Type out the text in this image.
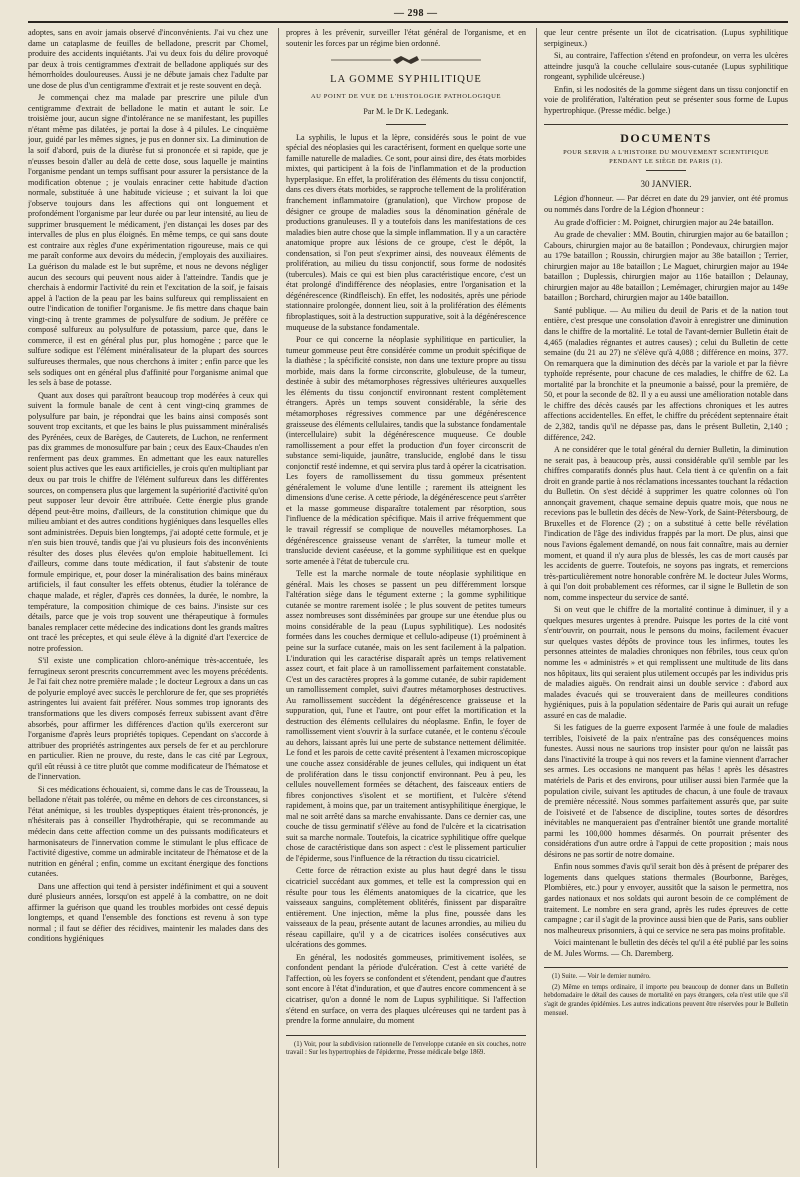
— 298 —

adoptes, sans en avoir jamais observé d'inconvénients. J'ai vu chez une dame un cataplasme de feuilles de belladone, prescrit par Chomel, produire des accidents inquiétants. J'ai vu deux fois du délire provoqué par deux à trois centigrammes d'extrait de belladone appliqués sur des hémorrhoïdes douloureuses. Aussi je ne débute jamais chez l'adulte par une dose de plus d'un centigramme d'extrait et je reste souvent en deçà.

Je commençai chez ma malade par prescrire une pilule d'un centigramme d'extrait de belladone le matin et autant le soir. Le troisième jour, aucun signe d'intolérance ne se manifestant, les pupilles n'étant même pas dilatées, je portai la dose à 4 pilules. Le cinquième jour, guidé par les mêmes signes, je pus en donner six. La diminution de la soif d'abord, puis de la diurèse fut si prononcée et si rapide, que je n'eusses besoin d'aller au delà de cette dose, sous laquelle je maintins l'organisme pendant un temps suffisant pour assurer la persistance de la modification obtenue ; je voulais enraciner cette habitude d'action normale, substituée à une habitude vicieuse ; et suivant la loi que j'observe toujours dans les affections qui ont longuement et profondément l'organisme par leur durée ou par leur intensité, au lieu de supprimer brusquement le médicament, j'en distançai les doses par des intervalles de plus en plus éloignés. En même temps, ce qui sans doute est contraire aux règles d'une expérimentation rigoureuse, mais ce qui me paraît conforme aux devoirs du médecin, j'employais des auxiliaires. La guérison du malade est le but suprême, et nous ne devons négliger aucun des secours qui peuvent nous aider à l'atteindre. Tandis que je cherchais à endormir l'activité du rein et l'excitation de la soif, je faisais appel à l'action de la peau par les bains sulfureux qui remplissaient en outre l'indication de tonifier l'organisme. Je fis mettre dans chaque bain vingt-cinq à trente grammes de polysulfure de sodium. Je préfère ce composé sulfureux au polysulfure de potassium, parce que, dans le commerce, il est en général plus pur, plus homogène ; parce que le sulfure sodique est l'élément minéralisateur de la plupart des sources sulfureuses thermales, que nous cherchons à imiter ; enfin parce que les sels sodiques ont en général plus d'affinité pour l'organisme animal que les sels à base de potasse.

Quant aux doses qui paraîtront beaucoup trop modérées à ceux qui suivent la formule banale de cent à cent vingt-cinq grammes de polysulfure par bain, je répondrai que les bains ainsi composés sont souvent trop excitants, et que les bains le plus puissamment minéralisés des Pyrénées, ceux de Barèges, de Cauterets, de Luchon, ne renferment pas dix grammes de monosulfure par bain ; ceux des Eaux-Chaudes n'en renferment pas deux grammes. En admettant que les eaux naturelles soient plus actives que les eaux artificielles, je crois qu'en multipliant par deux ou par trois le chiffre de l'élément sulfureux dans les différentes sources, on compensera plus que largement la supériorité d'activité qu'on peut supposer leur devoir être attribuée. Cette énergie plus grande dépend peut-être moins, d'ailleurs, de la constitution chimique que du milieu ambiant et des autres conditions hygiéniques dans lesquelles elles sont administrées. Depuis bien longtemps, j'ai adopté cette formule, et je n'en suis bien trouvé, tandis que j'ai vu plusieurs fois des inconvénients résulter des doses plus élevées qu'on emploie habituellement. Ici d'ailleurs, comme dans toute médication, il faut s'abstenir de toute formule empirique, et, pour doser la minéralisation des bains minéraux artificiels, il faut consulter les effets obtenus, étudier la tolérance de chaque malade, et régler, d'après ces données, la durée, le nombre, la température, la composition chimique de ces bains. J'insiste sur ces détails, parce que je vois trop souvent une thérapeutique à formules banales remplacer cette médecine des indications dont les grands maîtres ont tracé les préceptes, et qui seule élève à la dignité d'art l'exercice de notre profession.

S'il existe une complication chloro-anémique très-accentuée, les ferrugineux seront prescrits concurremment avec les moyens précédents. Je l'ai fait chez notre première malade ; le docteur Legroux a dans un cas de polyurie employé avec succès le perchlorure de fer, que ses propriétés astringentes lui avaient fait préférer. Nous sommes trop ignorants des transformations que les divers composés ferreux subissent avant d'être absorbés, pour affirmer les différences d'action qu'ils exerceront sur l'organisme d'après leurs propriétés topiques. Cependant on s'accorde à attribuer des propriétés astringentes aux persels de fer et au perchlorure en particulier. Rien ne prouve, du reste, dans le cas cité par Legroux, qu'il eût réussi à ce titre plutôt que comme modificateur de l'hématose et de l'innervation.

Si ces médications échouaient, si, comme dans le cas de Trousseau, la belladone n'était pas tolérée, ou même en dehors de ces circonstances, si l'état anémique, si les troubles dyspeptiques étaient très-prononcés, je n'hésiterais pas à conseiller l'hydrothérapie, qui se recommande au médecin dans cette affection comme un des puissants modificateurs et harmonisateurs de l'innervation comme le stimulant le plus efficace de l'activité digestive, comme un admirable incitateur de l'hématose et de la nutrition en général ; enfin, comme un excitant énergique des fonctions cutanées.

Dans une affection qui tend à persister indéfiniment et qui a souvent duré plusieurs années, lorsqu'on est appelé à la combattre, on ne doit affirmer la guérison que quand les troubles morbides ont cessé depuis longtemps, et quand l'ensemble des fonctions est revenu à son type normal ; il faut se défier des récidives, maintenir les malades dans des conditions hygiéniques

propres à les prévenir, surveiller l'état général de l'organisme, et en soutenir les forces par un régime bien ordonné.

LA GOMME SYPHILITIQUE
AU POINT DE VUE DE L'HISTOLOGIE PATHOLOGIQUE
Par M. le Dr K. Ledegank.

La syphilis, le lupus et la lèpre, considérés sous le point de vue spécial des néoplasies qui les caractérisent, forment en quelque sorte une famille naturelle de maladies. Ce sont, pour ainsi dire, des états morbides mixtes, qui participent à la fois de l'inflammation et de la production hyperplasique. En effet, la prolifération des éléments du tissu conjonctif, dans ces divers états morbides, se rapproche tellement de la prolifération franchement inflammatoire (granulation), que Virchow propose de désigner ce groupe de maladies sous la dénomination générale de productions granuleuses. Il y a toutefois dans les manifestations de ces maladies bien autre chose que la simple inflammation. Il y a un caractère anatomique propre aux lésions de ce groupe, c'est le dépôt, la condensation, si l'on peut s'exprimer ainsi, des nouveaux éléments de prolifération, au milieu du tissu conjonctif, sous forme de nodosités (tubercules). Mais ce qui est bien plus caractéristique encore, c'est un état prolongé d'indifférence des néoplasies, entre l'organisation et la dégénérescence (Rindfleisch). En effet, les nodosités, après une période stationnaire prolongée, donnent lieu, soit à la prolifération des éléments fibroplastiques, soit à la destruction suppurative, soit à la dégénérescence muqueuse de la substance fondamentale.

Pour ce qui concerne la néoplasie syphilitique en particulier, la tumeur gommeuse peut être considérée comme un produit spécifique de la diathèse ; la spécificité consiste, non dans une texture propre au tissu morbide, mais dans la forme circonscrite, globuleuse, de la tumeur, destinée à subir des métamorphoses régressives ultérieures auxquelles les éléments du tissu conjonctif environnant restent complètement étrangers. Après un temps souvent considérable, la série des métamorphoses régressives commence par une dégénérescence graisseuse des éléments cellulaires, tandis que la substance fondamentale (intercellulaire) subit la dégénérescence muqueuse. Ce double ramollissement a pour effet la production d'un foyer circonscrit de substance semi-liquide, jaunâtre, translucide, englobé dans le tissu conjonctif resté indemne, et qui servira plus tard à opérer la cicatrisation. Les foyers de ramollissement du tissu gommeux présentent généralement le volume d'une lentille ; rarement ils atteignent les dimensions d'une cerise. A cette période, la dégénérescence peut s'arrêter et la masse gommeuse disparaître totalement par résorption, sous l'influence de la médication spécifique. Mais il arrive fréquemment que le travail régressif se complique de nouvelles métamorphoses. La dégénérescence graisseuse venant de s'arrêter, la tumeur molle et translucide devient caséeuse, et la gomme syphilitique est en quelque sorte amenée à l'état de tubercule cru.

Telle est la marche normale de toute néoplasie syphilitique en général. Mais les choses se passent un peu différemment lorsque l'altération siège dans le tégument externe ; la gomme syphilitique cutanée se montre rarement isolée ; le plus souvent de petites tumeurs assez nombreuses sont disséminées par groupe sur une étendue plus ou moins considérable de la peau (Lupus syphilitique). Les nodosités formées dans les couches dermique et cellulo-adipeuse (1) proéminent à peine sur la surface cutanée, mais on les sent facilement à la palpation. L'induration qui les caractérise disparaît après un temps relativement assez court, et fait place à un ramollissement parfaitement constatable. C'est un des caractères propres à la gomme cutanée, de subir rapidement un ramollissement complet, suivi d'autres métamorphoses destructives. Au ramollissement succèdent la dégénérescence graisseuse et la suppuration, qui, l'une et l'autre, ont pour effet la mortification et la destruction des éléments cellulaires du néoplasme. Enfin, le foyer de ramollissement vient s'ouvrir à la surface cutanée, et le contenu s'écoule au dehors, laissant après lui une perte de substance nettement délimitée. Le fond et les parois de cette cavité présentent à l'examen microscopique une couche assez considérable de jeunes cellules, qui indiquent un état de prolifération dans le tissu conjonctif environnant. Peu à peu, les cellules nouvellement formées se détachent, des faisceaux entiers de fibres conjonctives s'isolent et se mortifient, et l'ulcère s'étend rapidement, à moins que, par un traitement antisyphilitique énergique, le mal ne soit arrêté dans sa marche envahissante. Dans ce dernier cas, une couche de tissu germinatif s'élève au fond de l'ulcère et la cicatrisation suit sa marche normale. Toutefois, la cicatrice syphilitique offre quelque chose de caractéristique dans son aspect : c'est le plissement particulier de l'épiderme, sous l'influence de la rétraction du tissu cicatriciel.

Cette force de rétraction existe au plus haut degré dans le tissu cicatriciel succédant aux gommes, et telle est la compression qui en résulte pour tous les éléments anatomiques de la cicatrice, que les vaisseaux sanguins, complètement oblitérés, finissent par disparaître entièrement. Une injection, même la plus fine, poussée dans les vaisseaux de la peau, présente autant de lacunes arrondies, au milieu du réseau capillaire, qu'il y a de cicatrices isolées consécutives aux ulcérations des gommes.

En général, les nodosités gommeuses, primitivement isolées, se confondent pendant la période d'ulcération. C'est à cette variété de l'affection, où les foyers se confondent et s'étendent, pendant que d'autres sont encore à l'état d'induration, et que d'autres encore commencent à se cicatriser, qu'on a donné le nom de Lupus syphilitique. Si l'affection s'étend en surface, on verra des plaques ulcéreuses qui ne tardent pas à prendre la forme annulaire, du moment

(1) Voir, pour la subdivision rationnelle de l'enveloppe cutanée en six couches, notre travail : Sur les hypertrophies de l'épiderme, Presse médicale belge 1869.

que leur centre présente un îlot de cicatrisation. (Lupus syphilitique serpigineux.)

Si, au contraire, l'affection s'étend en profondeur, on verra les ulcères atteindre jusqu'à la couche cellulaire sous-cutanée (Lupus syphilitique rongeant, syphilide ulcéreuse.)

Enfin, si les nodosités de la gomme siègent dans un tissu conjonctif en voie de prolifération, l'altération peut se présenter sous forme de Lupus hypertrophique. (Presse médic. belge.)

DOCUMENTS
POUR SERVIR A L'HISTOIRE DU MOUVEMENT SCIENTIFIQUE
PENDANT LE SIÈGE DE PARIS (1).
30 JANVIER.

Légion d'honneur. — Par décret en date du 29 janvier, ont été promus ou nommés dans l'ordre de la Légion d'honneur :

Au grade d'officier : M. Poignet, chirurgien major au 24e bataillon.

Au grade de chevalier : MM. Boutin, chirurgien major au 6e bataillon ; Cabours, chirurgien major au 8e bataillon ; Pondevaux, chirurgien major au 179e bataillon ; Roussin, chirurgien major au 38e bataillon ; Terrier, chirurgien major au 18e bataillon ; Le Maguet, chirurgien major au 194e bataillon ; Duplessis, chirurgien major au 116e bataillon ; Delaunay, chirurgien major au 48e bataillon ; Lemémager, chirurgien major au 149e bataillon ; Borchard, chirurgien major au 140e bataillon.

Santé publique. — Au milieu du deuil de Paris et de la nation tout entière, c'est presque une consolation d'avoir à enregistrer une diminution dans le chiffre de la mortalité. Le total de l'avant-dernier Bulletin était de 4,465 (maladies régnantes et autres causes) ; celui du Bulletin de cette semaine (du 21 au 27) ne s'élève qu'à 4,088 ; différence en moins, 377. On remarquera que la diminution des décès par la variole et par la fièvre typhoïde représente, pour chacune de ces maladies, le chiffre de 62. La mortalité par la bronchite et la pneumonie a baissé, pour la première, de 50, et pour la seconde de 82. Il y a eu aussi une amélioration notable dans le chiffre des décès causés par les affections chroniques et les autres affections accidentelles. En effet, le chiffre du précédent septennaire était de 2,382, tandis qu'il ne dépasse pas, dans le présent Bulletin, 2,140 ; différence, 242.

A ne considérer que le total général du dernier Bulletin, la diminution ne serait pas, à beaucoup près, aussi considérable qu'il semble par les chiffres comparatifs donnés plus haut. Cela tient à ce qu'enfin on a fait droit en grande partie à nos réclamations incessantes touchant la rédaction du Bulletin. On s'est décidé à supprimer les quatre colonnes où l'on annonçait gravement, chaque semaine depuis quatre mois, que nous ne recevions pas le bulletin des décès de New-York, de Saint-Pétersbourg, de Bruxelles et de Florence (2) ; on a substitué à cette belle révélation l'indication de l'âge des individus frappés par la mort. De plus, ainsi que nous l'avions également demandé, on nous fait connaître, mais au dernier moment, et quand il n'y aura plus de blessés, les cas de mort causés par les accidents de guerre. Toutefois, ne soyons pas ingrats, et remercions très-particulièrement notre honorable confrère M. le docteur Jules Worms, à qui l'on doit probablement ces réformes, car il signe le Bulletin de son nom, comme inspecteur du service de santé.

Si on veut que le chiffre de la mortalité continue à diminuer, il y a quelques mesures urgentes à prendre. Puisque les portes de la cité vont s'entr'ouvrir, on pourrait, nous le pensons du moins, facilement évacuer sur quelques vastes dépôts de province tous les infirmes, toutes les personnes atteintes de maladies chroniques non fébriles, tous ceux qu'on nomme les « administrés » et qui remplissent une multitude de lits dans nos hôpitaux, lits qui seraient plus utilement occupés par les individus pris de maladies aiguës. On rendrait ainsi un double service : d'abord aux malades évacués qui se trouveraient dans de meilleures conditions hygiéniques, puis à la population sédentaire de Paris qui aurait un refuge assuré en cas de maladie.

Si les fatigues de la guerre exposent l'armée à une foule de maladies terribles, l'oisiveté de la paix n'entraîne pas des conséquences moins funestes. Aussi nous ne saurions trop insister pour qu'on ne laissât pas dans l'inactivité la troupe à qui nos revers et la famine viennent d'arracher ses armes. Les occasions ne manquent pas hélas ! après les désastres matériels de Paris et des environs, pour utiliser aussi bien l'armée que la population civile, suivant les aptitudes de chacun, à une foule de travaux de première nécessité. Nous sommes parfaitement assurés que, par suite de l'oisiveté et de l'absence de discipline, toutes sortes de désordres inévitables ne manqueraient pas d'entraîner bientôt une grande mortalité parmi les 100,000 hommes désarmés. On pourrait présenter des considérations d'un autre ordre à l'appui de cette proposition ; mais nous désirons ne pas sortir de notre domaine.

Enfin nous sommes d'avis qu'il serait bon dès à présent de préparer des logements dans quelques stations thermales (Bourbonne, Barèges, Plombières, etc.) pour y envoyer, aussitôt que la saison le permettra, nos gardes nationaux et nos soldats qui auront besoin de ce complément de traitement. Le nombre en sera grand, après les rudes épreuves de cette campagne ; car il s'agit de la province aussi bien que de Paris, sans oublier nos malheureux prisonniers, à qui ce service ne sera pas moins profitable.

Voici maintenant le bulletin des décès tel qu'il a été publié par les soins de M. Jules Worms. — Ch. Daremberg.

(1) Suite. — Voir le dernier numéro.

(2) Même en temps ordinaire, il importe peu beaucoup de donner dans un Bulletin hebdomadaire le détail des causes de mortalité en pays étrangers, cela n'est utile que s'il s'agit de grandes épidémies. Les autres indications peuvent être réservées pour le Bulletin mensuel.
